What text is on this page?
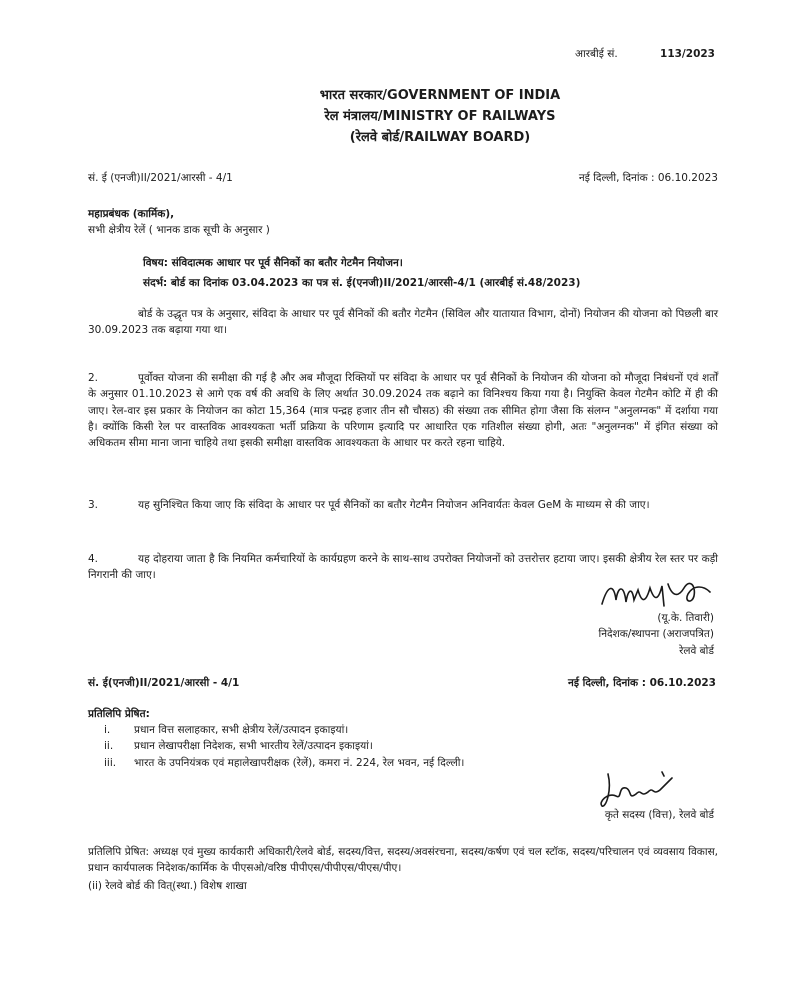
आरबीई सं.	113/2023
भारत सरकार/GOVERNMENT OF INDIA
रेल मंत्रालय/MINISTRY OF RAILWAYS
(रेलवे बोर्ड/RAILWAY BOARD)
सं. ई (एनजी)II/2021/आरसी - 4/1	नई दिल्ली, दिनांक : 06.10.2023
महाप्रबंधक (कार्मिक),
सभी क्षेत्रीय रेलें ( भानक डाक सूची के अनुसार )
विषय: संविदात्मक आधार पर पूर्व सैनिकों का बतौर गेटमैन नियोजन।
संदर्भ: बोर्ड का दिनांक 03.04.2023 का पत्र सं. ई(एनजी)II/2021/आरसी-4/1 (आरबीई सं.48/2023)
बोर्ड के उद्धृत पत्र के अनुसार, संविदा के आधार पर पूर्व सैनिकों की बतौर गेटमैन (सिविल और यातायात विभाग, दोनों) नियोजन की योजना को पिछली बार 30.09.2023 तक बढ़ाया गया था।
2.	पूर्वोक्त योजना की समीक्षा की गई है और अब मौजूदा रिक्तियों पर संविदा के आधार पर पूर्व सैनिकों के नियोजन की योजना को मौजूदा निबंधनों एवं शर्तों के अनुसार 01.10.2023 से आगे एक वर्ष की अवधि के लिए अर्थात 30.09.2024 तक बढ़ाने का विनिश्चय किया गया है। नियुक्ति केवल गेटमैन कोटि में ही की जाए। रेल-वार इस प्रकार के नियोजन का कोटा 15,364 (मात्र पन्द्रह हजार तीन सौ चौसठ) की संख्या तक सीमित होगा जैसा कि संलग्न "अनुलग्नक" में दर्शाया गया है। क्योंकि किसी रेल पर वास्तविक आवश्यकता भर्ती प्रक्रिया के परिणाम इत्यादि पर आधारित एक गतिशील संख्या होगी, अतः "अनुलग्नक" में इंगित संख्या को अधिकतम सीमा माना जाना चाहिये तथा इसकी समीक्षा वास्तविक आवश्यकता के आधार पर करते रहना चाहिये.
3.	यह सुनिश्चित किया जाए कि संविदा के आधार पर पूर्व सैनिकों का बतौर गेटमैन नियोजन अनिवार्यतः केवल GeM के माध्यम से की जाए।
4.	यह दोहराया जाता है कि नियमित कर्मचारियों के कार्यग्रहण करने के साथ-साथ उपरोक्त नियोजनों को उत्तरोत्तर हटाया जाए। इसकी क्षेत्रीय रेल स्तर पर कड़ी निगरानी की जाए।
(यू.के. तिवारी)
निदेशक/स्थापना (अराजपत्रित)
रेलवे बोर्ड
सं. ई(एनजी)II/2021/आरसी - 4/1	नई दिल्ली, दिनांक : 06.10.2023
प्रतिलिपि प्रेषित:
i. प्रधान वित्त सलाहकार, सभी क्षेत्रीय रेलें/उत्पादन इकाइयां।
ii. प्रधान लेखापरीक्षा निदेशक, सभी भारतीय रेलें/उत्पादन इकाइयां।
iii. भारत के उपनियंत्रक एवं महालेखापरीक्षक (रेलें), कमरा नं. 224, रेल भवन, नई दिल्ली।
कृते सदस्य (वित्त), रेलवे बोर्ड
प्रतिलिपि प्रेषित: अध्यक्ष एवं मुख्य कार्यकारी अधिकारी/रेलवे बोर्ड, सदस्य/वित्त, सदस्य/अवसंरचना, सदस्य/कर्षण एवं चल स्टॉक, सदस्य/परिचालन एवं व्यवसाय विकास, प्रधान कार्यपालक निदेशक/कार्मिक के पीएसओ/वरिष्ठ पीपीएस/पीपीएस/पीएस/पीए।
(ii) रेलवे बोर्ड की वित्(स्था.) विशेष शाखा
